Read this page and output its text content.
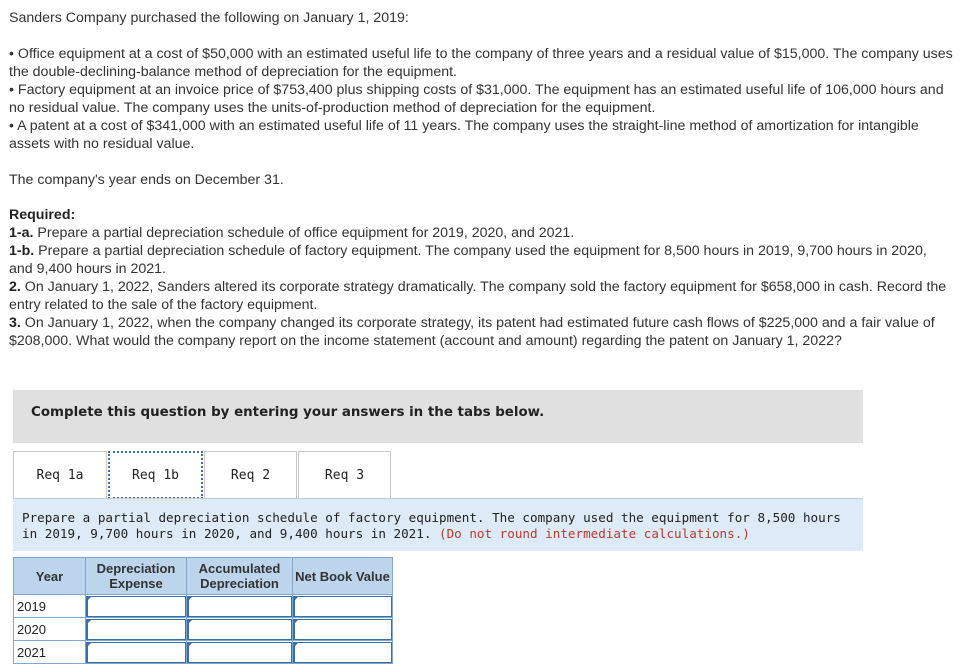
Sanders Company purchased the following on January 1, 2019:

• Office equipment at a cost of $50,000 with an estimated useful life to the company of three years and a residual value of $15,000. The company uses the double-declining-balance method of depreciation for the equipment.

• Factory equipment at an invoice price of $753,400 plus shipping costs of $31,000. The equipment has an estimated useful life of 106,000 hours and no residual value. The company uses the units-of-production method of depreciation for the equipment.

• A patent at a cost of $341,000 with an estimated useful life of 11 years. The company uses the straight-line method of amortization for intangible assets with no residual value.

The company's year ends on December 31.

Required:

1-a. Prepare a partial depreciation schedule of office equipment for 2019, 2020, and 2021.

1-b. Prepare a partial depreciation schedule of factory equipment. The company used the equipment for 8,500 hours in 2019, 9,700 hours in 2020, and 9,400 hours in 2021.

2. On January 1, 2022, Sanders altered its corporate strategy dramatically. The company sold the factory equipment for $658,000 in cash. Record the entry related to the sale of the factory equipment.

3. On January 1, 2022, when the company changed its corporate strategy, its patent had estimated future cash flows of $225,000 and a fair value of $208,000. What would the company report on the income statement (account and amount) regarding the patent on January 1, 2022?

Complete this question by entering your answers in the tabs below.
Req 1a	Req 1b	Req 2	Req 3
Prepare a partial depreciation schedule of factory equipment. The company used the equipment for 8,500 hours in 2019, 9,700 hours in 2020, and 9,400 hours in 2021. (Do not round intermediate calculations.)
Year	Depreciation Expense	Accumulated Depreciation	Net Book Value
2019	

2020	

2021	
